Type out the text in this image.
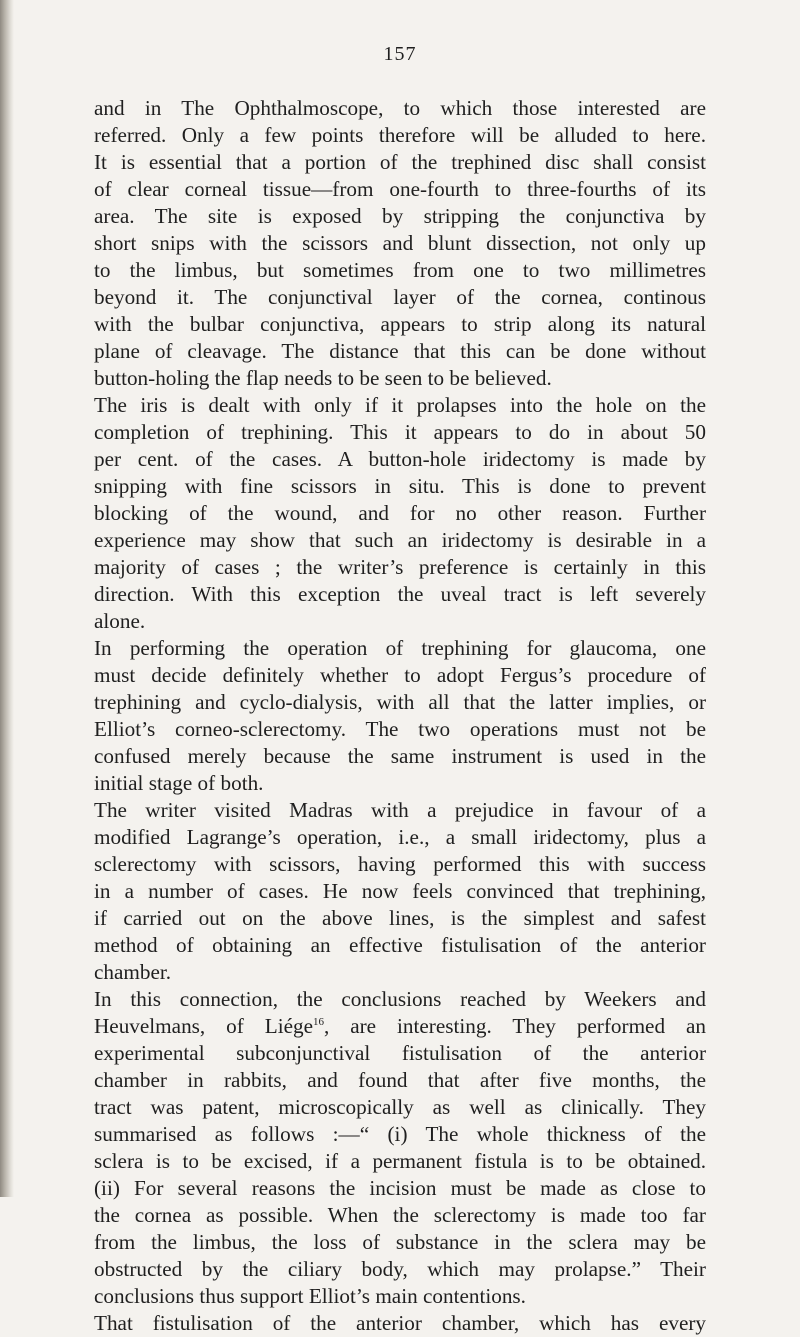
157
and in The Ophthalmoscope, to which those interested are
referred. Only a few points therefore will be alluded to here.
It is essential that a portion of the trephined disc shall consist
of clear corneal tissue—from one-fourth to three-fourths of its
area. The site is exposed by stripping the conjunctiva by
short snips with the scissors and blunt dissection, not only up
to the limbus, but sometimes from one to two millimetres
beyond it. The conjunctival layer of the cornea, continous
with the bulbar conjunctiva, appears to strip along its natural
plane of cleavage. The distance that this can be done without
button-holing the flap needs to be seen to be believed.
The iris is dealt with only if it prolapses into the hole on the
completion of trephining. This it appears to do in about 50
per cent. of the cases. A button-hole iridectomy is made by
snipping with fine scissors in situ. This is done to prevent
blocking of the wound, and for no other reason. Further
experience may show that such an iridectomy is desirable in a
majority of cases ; the writer’s preference is certainly in this
direction. With this exception the uveal tract is left severely
alone.
In performing the operation of trephining for glaucoma, one
must decide definitely whether to adopt Fergus’s procedure of
trephining and cyclo-dialysis, with all that the latter implies, or
Elliot’s corneo-sclerectomy. The two operations must not be
confused merely because the same instrument is used in the
initial stage of both.
The writer visited Madras with a prejudice in favour of a
modified Lagrange’s operation, i.e., a small iridectomy, plus a
sclerectomy with scissors, having performed this with success
in a number of cases. He now feels convinced that trephining,
if carried out on the above lines, is the simplest and safest
method of obtaining an effective fistulisation of the anterior
chamber.
In this connection, the conclusions reached by Weekers and
Heuvelmans, of Liége$^{16}$, are interesting. They performed an
experimental subconjunctival fistulisation of the anterior
chamber in rabbits, and found that after five months, the
tract was patent, microscopically as well as clinically. They
summarised as follows :—“ (i) The whole thickness of the
sclera is to be excised, if a permanent fistula is to be obtained.
(ii) For several reasons the incision must be made as close to
the cornea as possible. When the sclerectomy is made too far
from the limbus, the loss of substance in the sclera may be
obstructed by the ciliary body, which may prolapse.” Their
conclusions thus support Elliot’s main contentions.
That fistulisation of the anterior chamber, which has every
